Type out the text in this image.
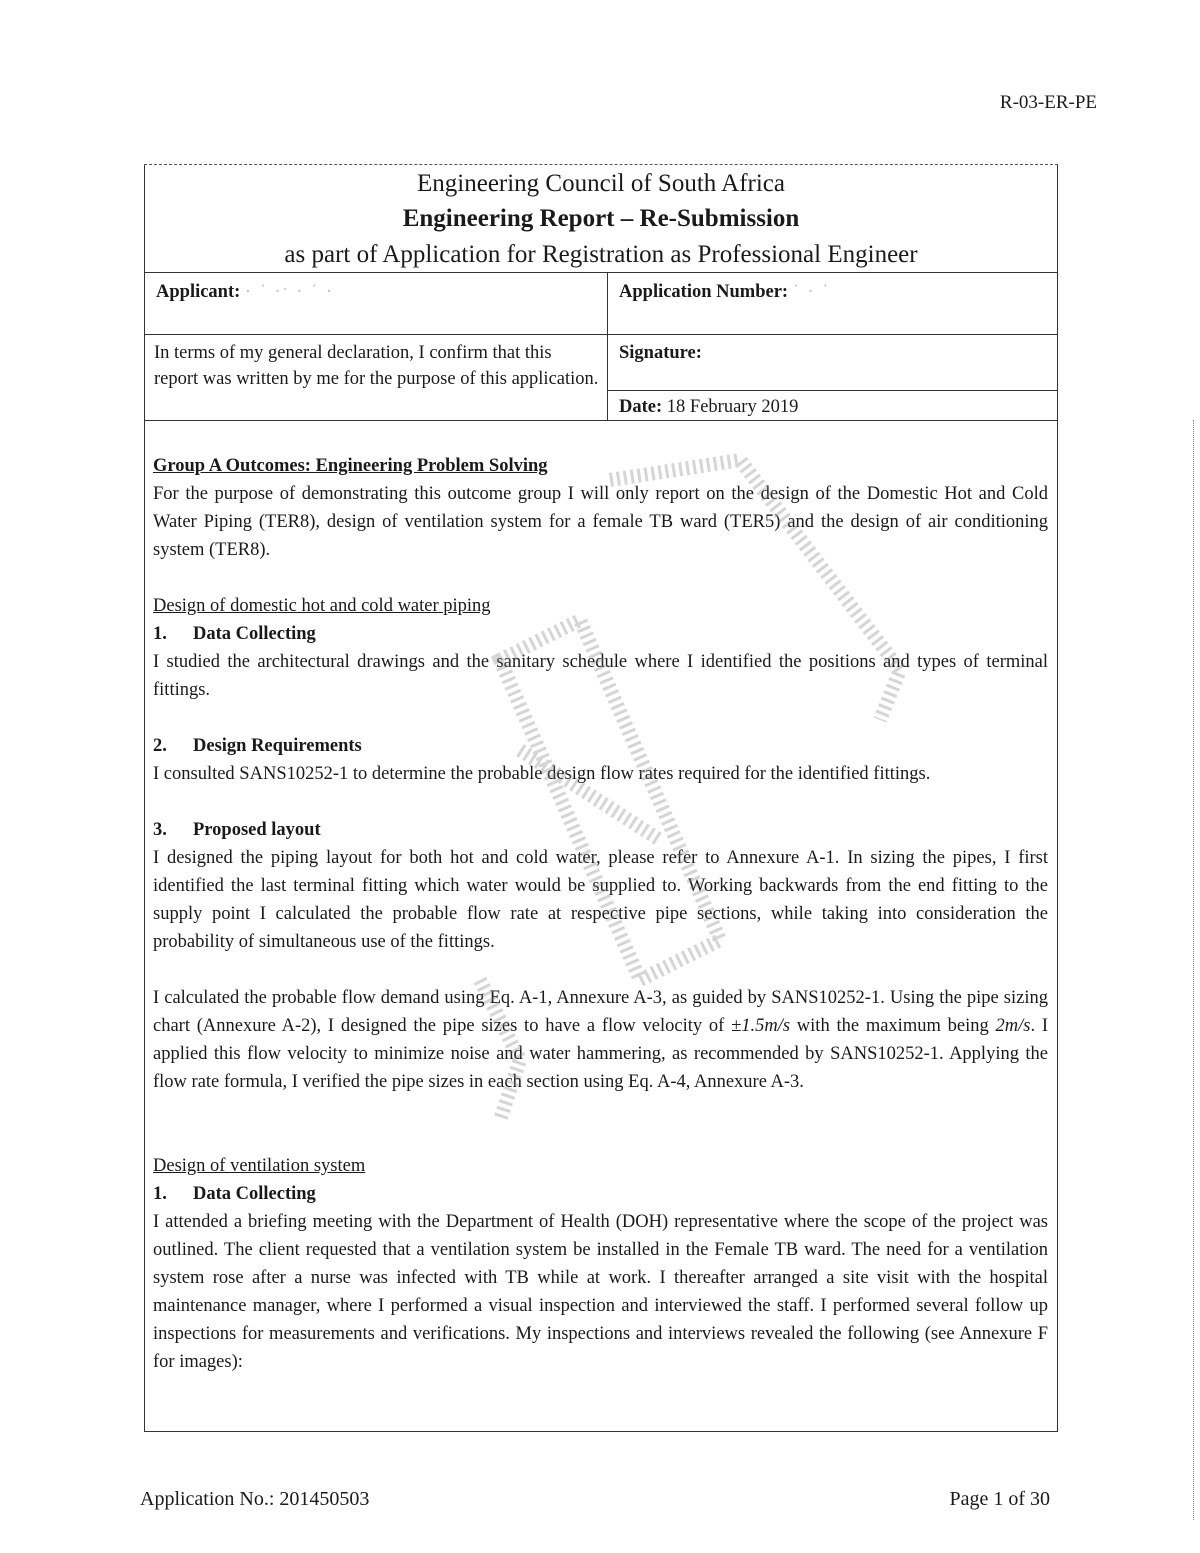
R-03-ER-PE
Engineering Council of South Africa
Engineering Report – Re-Submission
as part of Application for Registration as Professional Engineer
Applicant: · ˙ ·ˑ · ˙ ·	Application Number: ˙ · ˙
In terms of my general declaration, I confirm that this report was written by me for the purpose of this application.
Signature:
Date: 18 February 2019

Group A Outcomes: Engineering Problem Solving

For the purpose of demonstrating this outcome group I will only report on the design of the Domestic Hot and Cold Water Piping (TER8), design of ventilation system for a female TB ward (TER5) and the design of air conditioning system (TER8).

Design of domestic hot and cold water piping

1. Data Collecting

I studied the architectural drawings and the sanitary schedule where I identified the positions and types of terminal fittings.

2. Design Requirements

I consulted SANS10252-1 to determine the probable design flow rates required for the identified fittings.

3. Proposed layout

I designed the piping layout for both hot and cold water, please refer to Annexure A-1. In sizing the pipes, I first identified the last terminal fitting which water would be supplied to. Working backwards from the end fitting to the supply point I calculated the probable flow rate at respective pipe sections, while taking into consideration the probability of simultaneous use of the fittings.

I calculated the probable flow demand using Eq. A-1, Annexure A-3, as guided by SANS10252-1. Using the pipe sizing chart (Annexure A-2), I designed the pipe sizes to have a flow velocity of ±1.5m/s with the maximum being 2m/s. I applied this flow velocity to minimize noise and water hammering, as recommended by SANS10252-1. Applying the flow rate formula, I verified the pipe sizes in each section using Eq. A-4, Annexure A-3.

Design of ventilation system

1. Data Collecting

I attended a briefing meeting with the Department of Health (DOH) representative where the scope of the project was outlined. The client requested that a ventilation system be installed in the Female TB ward. The need for a ventilation system rose after a nurse was infected with TB while at work. I thereafter arranged a site visit with the hospital maintenance manager, where I performed a visual inspection and interviewed the staff. I performed several follow up inspections for measurements and verifications. My inspections and interviews revealed the following (see Annexure F for images):

Application No.: 201450503	Page 1 of 30
